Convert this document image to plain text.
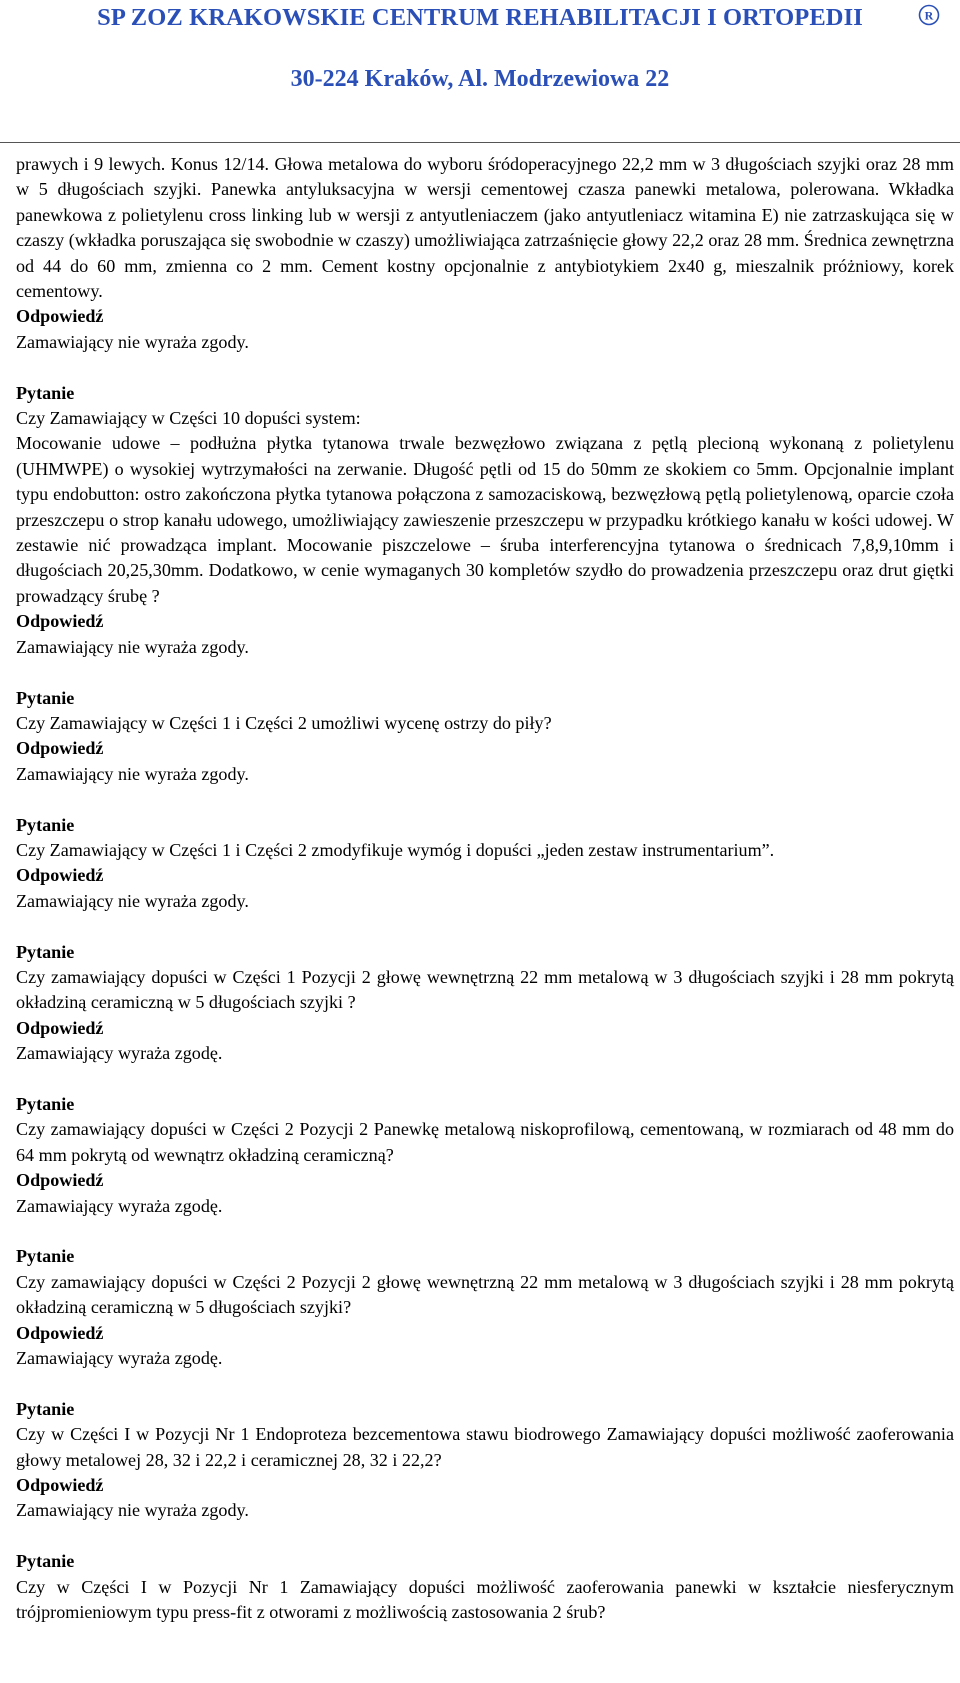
SP ZOZ KRAKOWSKIE CENTRUM REHABILITACJI I ORTOPEDII	R
30-224 Kraków, Al. Modrzewiowa 22

prawych i 9 lewych. Konus 12/14. Głowa metalowa do wyboru śródoperacyjnego 22,2 mm w 3 długościach szyjki oraz 28 mm w 5 długościach szyjki. Panewka antyluksacyjna w wersji cementowej czasza panewki metalowa, polerowana. Wkładka panewkowa z polietylenu cross linking lub w wersji z antyutleniaczem (jako antyutleniacz witamina E) nie zatrzaskująca się w czaszy (wkładka poruszająca się swobodnie w czaszy) umożliwiająca zatrzaśnięcie głowy 22,2 oraz 28 mm. Średnica zewnętrzna od 44 do 60 mm, zmienna co 2 mm. Cement kostny opcjonalnie z antybiotykiem 2x40 g, mieszalnik próżniowy, korek cementowy.

Odpowiedź

Zamawiający nie wyraża zgody.

Pytanie

Czy Zamawiający w Części 10 dopuści system:

Mocowanie udowe – podłużna płytka tytanowa trwale bezwęzłowo związana z pętlą plecioną wykonaną z polietylenu (UHMWPE) o wysokiej wytrzymałości na zerwanie. Długość pętli od 15 do 50mm ze skokiem co 5mm. Opcjonalnie implant typu endobutton: ostro zakończona płytka tytanowa połączona z samozaciskową, bezwęzłową pętlą polietylenową, oparcie czoła przeszczepu o strop kanału udowego, umożliwiający zawieszenie przeszczepu w przypadku krótkiego kanału w kości udowej. W zestawie nić prowadząca implant. Mocowanie piszczelowe – śruba interferencyjna tytanowa o średnicach 7,8,9,10mm i długościach 20,25,30mm. Dodatkowo, w cenie wymaganych 30 kompletów szydło do prowadzenia przeszczepu oraz drut giętki prowadzący śrubę ?

Odpowiedź

Zamawiający nie wyraża zgody.

Pytanie

Czy Zamawiający w Części 1 i Części 2 umożliwi wycenę ostrzy do piły?

Odpowiedź

Zamawiający nie wyraża zgody.

Pytanie

Czy Zamawiający w Części 1 i Części 2 zmodyfikuje wymóg i dopuści „jeden zestaw instrumentarium”.

Odpowiedź

Zamawiający nie wyraża zgody.

Pytanie

Czy zamawiający dopuści w Części 1 Pozycji 2 głowę wewnętrzną 22 mm metalową w 3 długościach szyjki i 28 mm pokrytą okładziną ceramiczną w 5 długościach szyjki ?

Odpowiedź

Zamawiający wyraża zgodę.

Pytanie

Czy zamawiający dopuści w Części 2 Pozycji 2 Panewkę metalową niskoprofilową, cementowaną, w rozmiarach od 48 mm do 64 mm pokrytą od wewnątrz okładziną ceramiczną?

Odpowiedź

Zamawiający wyraża zgodę.

Pytanie

Czy zamawiający dopuści w Części 2 Pozycji 2 głowę wewnętrzną 22 mm metalową w 3 długościach szyjki i 28 mm pokrytą okładziną ceramiczną w 5 długościach szyjki?

Odpowiedź

Zamawiający wyraża zgodę.

Pytanie

Czy w Części I w Pozycji Nr 1 Endoproteza bezcementowa stawu biodrowego Zamawiający dopuści możliwość zaoferowania głowy metalowej 28, 32 i 22,2 i ceramicznej 28, 32 i 22,2?

Odpowiedź

Zamawiający nie wyraża zgody.

Pytanie

Czy w Części I w Pozycji Nr 1 Zamawiający dopuści możliwość zaoferowania panewki w kształcie niesferycznym trójpromieniowym typu press-fit z otworami z możliwością zastosowania 2 śrub?
